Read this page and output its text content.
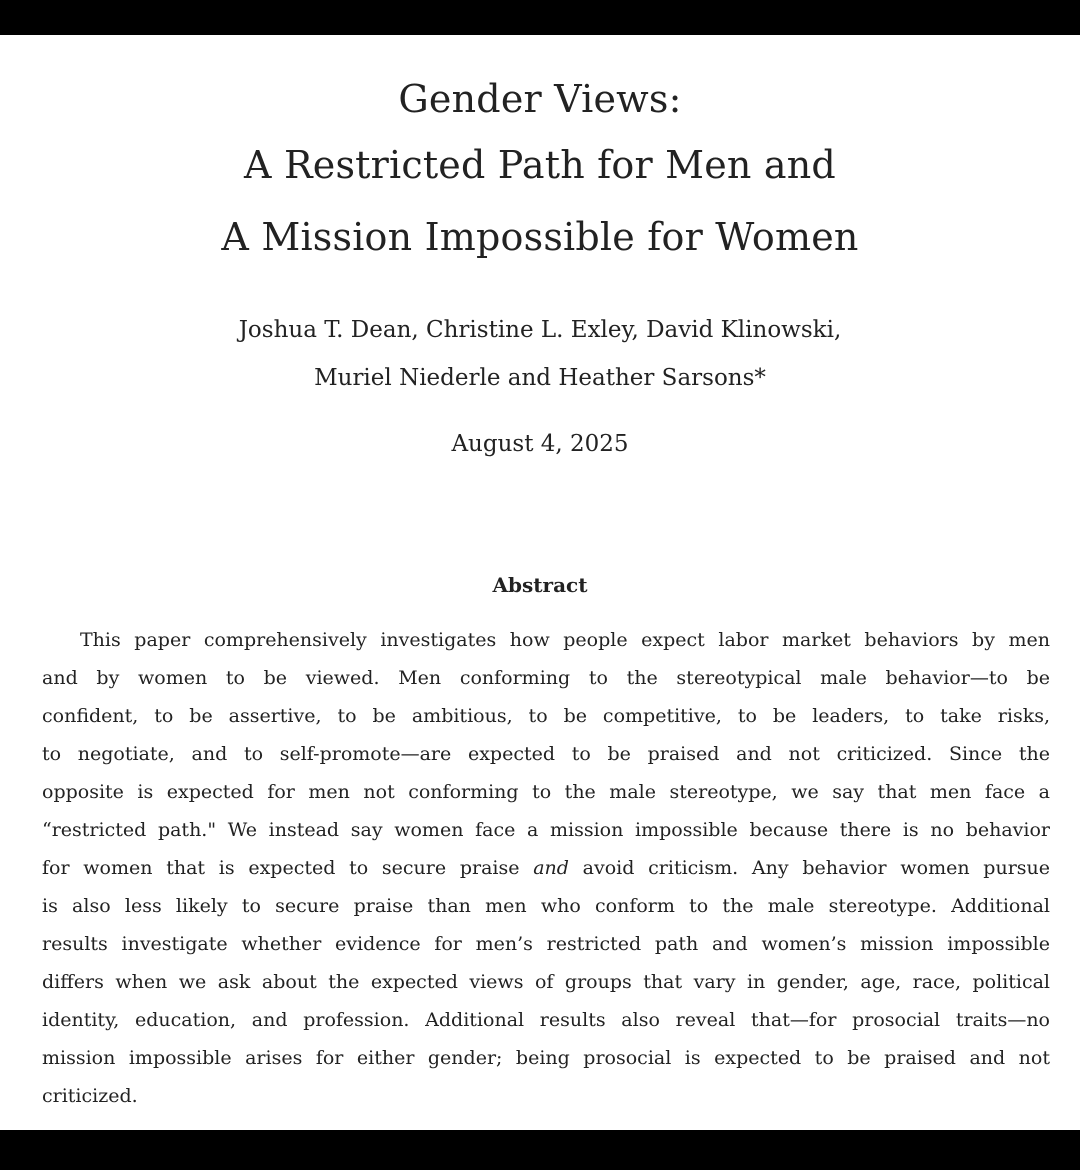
Gender Views:
A Restricted Path for Men and
A Mission Impossible for Women
Joshua T. Dean, Christine L. Exley, David Klinowski,
Muriel Niederle and Heather Sarsons*
August 4, 2025
Abstract
This paper comprehensively investigates how people expect labor market behaviors by men
and by women to be viewed. Men conforming to the stereotypical male behavior—to be
confident, to be assertive, to be ambitious, to be competitive, to be leaders, to take risks,
to negotiate, and to self-promote—are expected to be praised and not criticized. Since the
opposite is expected for men not conforming to the male stereotype, we say that men face a
“restricted path." We instead say women face a mission impossible because there is no behavior
for women that is expected to secure praise and avoid criticism. Any behavior women pursue
is also less likely to secure praise than men who conform to the male stereotype. Additional
results investigate whether evidence for men’s restricted path and women’s mission impossible
differs when we ask about the expected views of groups that vary in gender, age, race, political
identity, education, and profession. Additional results also reveal that—for prosocial traits—no
mission impossible arises for either gender; being prosocial is expected to be praised and not
criticized.
